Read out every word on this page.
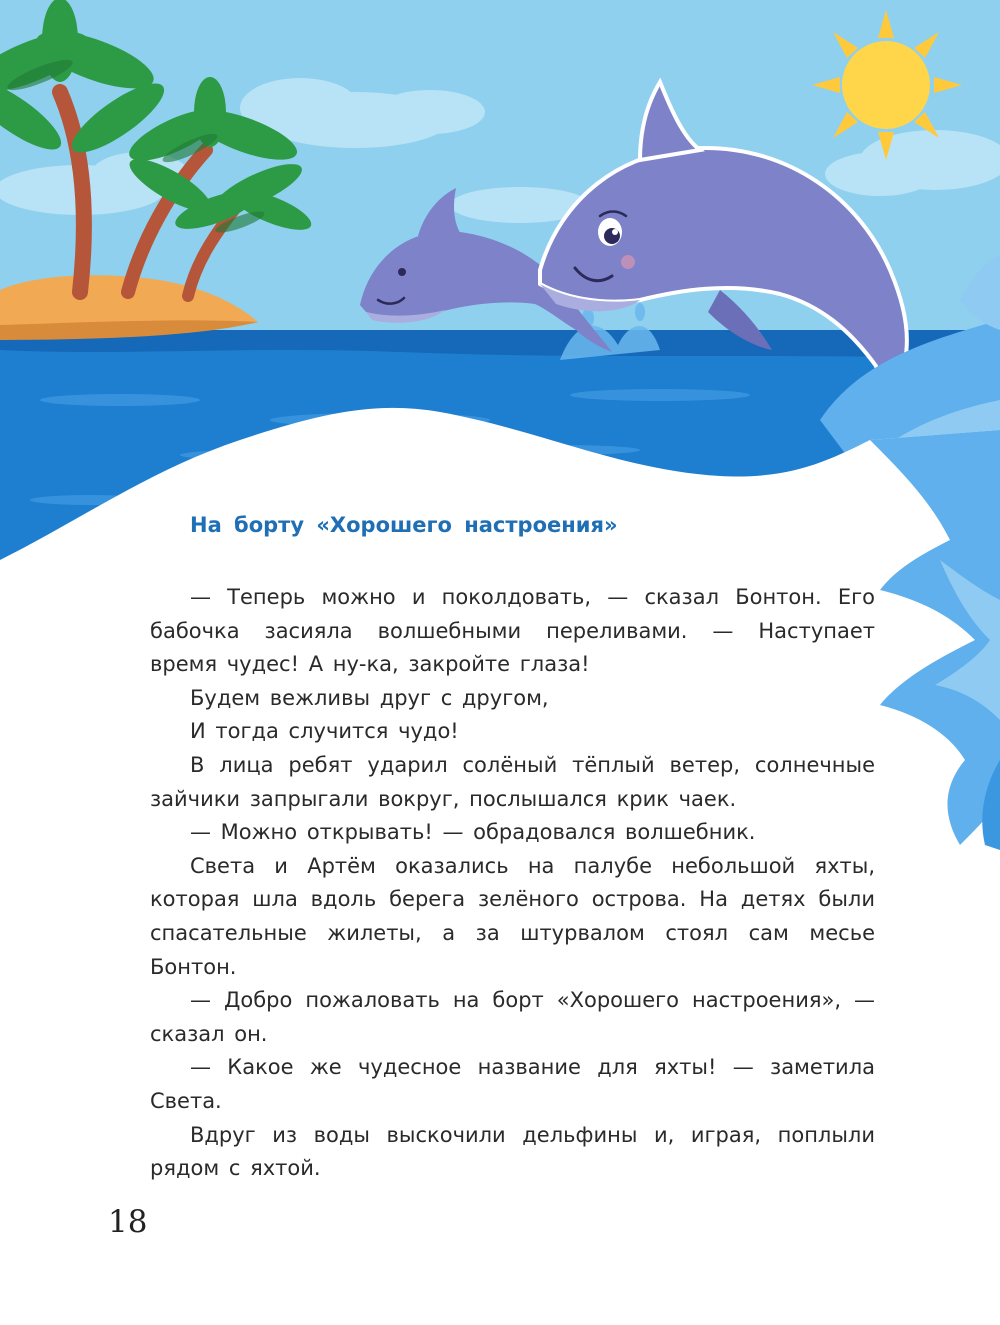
На борту «Хорошего настроения»

— Теперь можно и поколдовать, — сказал Бонтон. Его бабочка засияла волшебными переливами. — Наступает время чудес! А ну-ка, закройте глаза!

Будем вежливы друг с другом,

И тогда случится чудо!

В лица ребят ударил солёный тёплый ветер, солнечные зайчики запрыгали вокруг, послышался крик чаек.

— Можно открывать! — обрадовался волшебник.

Света и Артём оказались на палубе небольшой яхты, которая шла вдоль берега зелёного острова. На детях были спасательные жилеты, а за штурвалом стоял сам месье Бонтон.

— Добро пожаловать на борт «Хорошего настроения», — сказал он.

— Какое же чудесное название для яхты! — заметила Света.

Вдруг из воды выскочили дельфины и, играя, поплыли рядом с яхтой.

18
